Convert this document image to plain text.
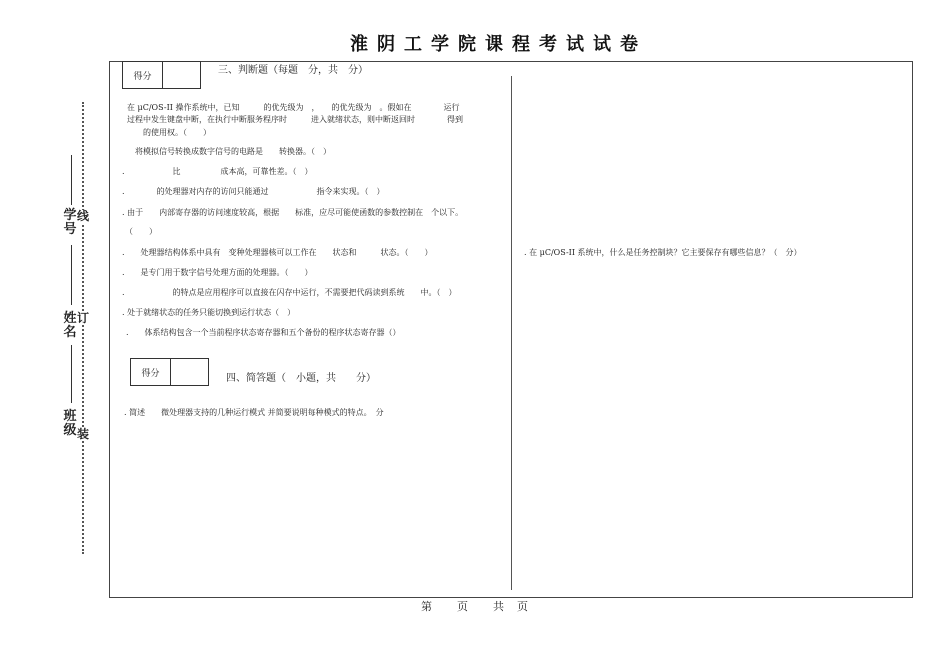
淮阴工学院课程考试试卷
线
订
装
学号
姓名
班级
得分
三、判断题（每题　分，共　分）
在 μC/OS-II 操作系统中，已知　　　的优先级为　，　　的优先级为　。假如在　　　　运行
过程中发生键盘中断，在执行中断服务程序时　　　进入就绪状态，则中断返回时　　　　得到
　　的使用权。（　　）
　将模拟信号转换成数字信号的电路是　　转换器。（　）
.　　　　　　比　　　　　成本高，可靠性差。（　）
.　　　　的处理器对内存的访问只能通过　　　　　　指令来实现。（　）
. 由于　　内部寄存器的访问速度较高，根据　　标准，应尽可能使函数的参数控制在　个以下。
（　　）
.　　处理器结构体系中具有　变种处理器核可以工作在　　状态和　　　状态。（　　）
.　　是专门用于数字信号处理方面的处理器。（　　）
.　　　　　　的特点是应用程序可以直接在闪存中运行，不需要把代码读到系统　　中。（　）
. 处于就绪状态的任务只能切换到运行状态（　）
.　　体系结构包含一个当前程序状态寄存器和五个备份的程序状态寄存器（）
得分	四、简答题（　小题，共　　分）
. 简述　　微处理器支持的几种运行模式 并简要说明每种模式的特点。　分
. 在 μC/OS-II 系统中，什么是任务控制块？它主要保存有哪些信息？（　分）
第　　页　　共　页
